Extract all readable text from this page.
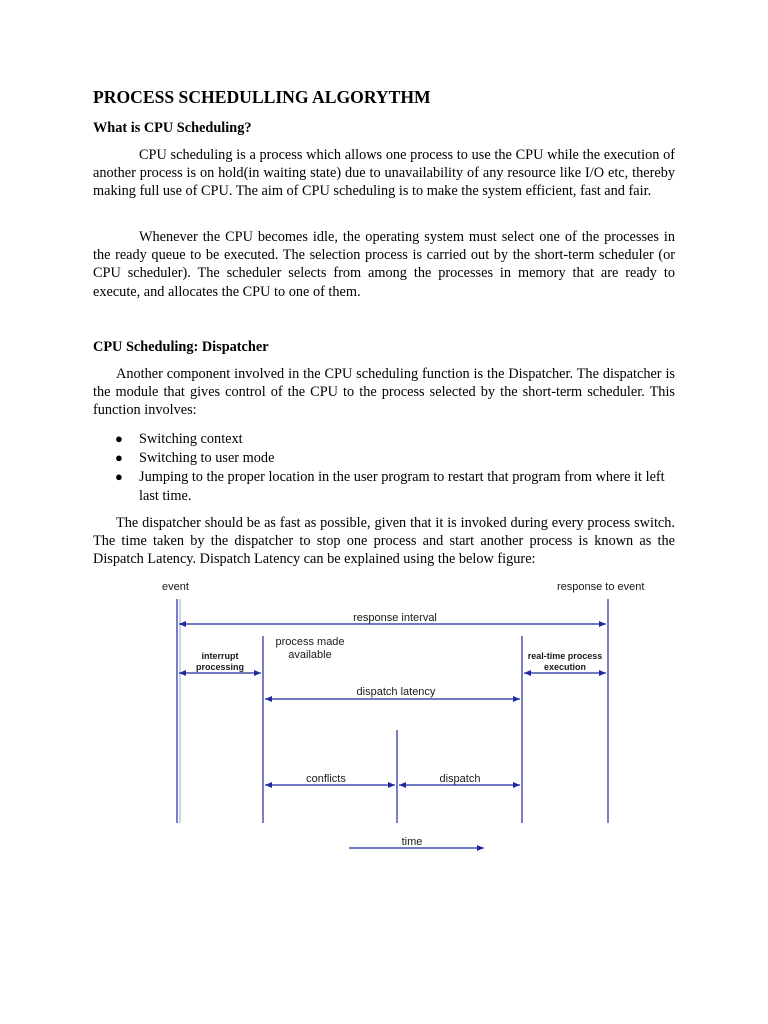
PROCESS SCHEDULLING ALGORYTHM
What is CPU Scheduling?

CPU scheduling is a process which allows one process to use the CPU while the execution of another process is on hold(in waiting state) due to unavailability of any resource like I/O etc, thereby making full use of CPU. The aim of CPU scheduling is to make the system efficient, fast and fair.

Whenever the CPU becomes idle, the operating system must select one of the processes in the ready queue to be executed. The selection process is carried out by the short-term scheduler (or CPU scheduler). The scheduler selects from among the processes in memory that are ready to execute, and allocates the CPU to one of them.

CPU Scheduling: Dispatcher

Another component involved in the CPU scheduling function is the Dispatcher. The dispatcher is the module that gives control of the CPU to the process selected by the short-term scheduler. This function involves:

● Switching context
● Switching to user mode
● Jumping to the proper location in the user program to restart that program from where it left last time.

The dispatcher should be as fast as possible, given that it is invoked during every process switch. The time taken by the dispatcher to stop one process and start another process is known as the Dispatch Latency. Dispatch Latency can be explained using the below figure:

event	response to event
response interval
process made
available
interrupt
processing
real-time process
execution
dispatch latency
conflicts	dispatch
time
